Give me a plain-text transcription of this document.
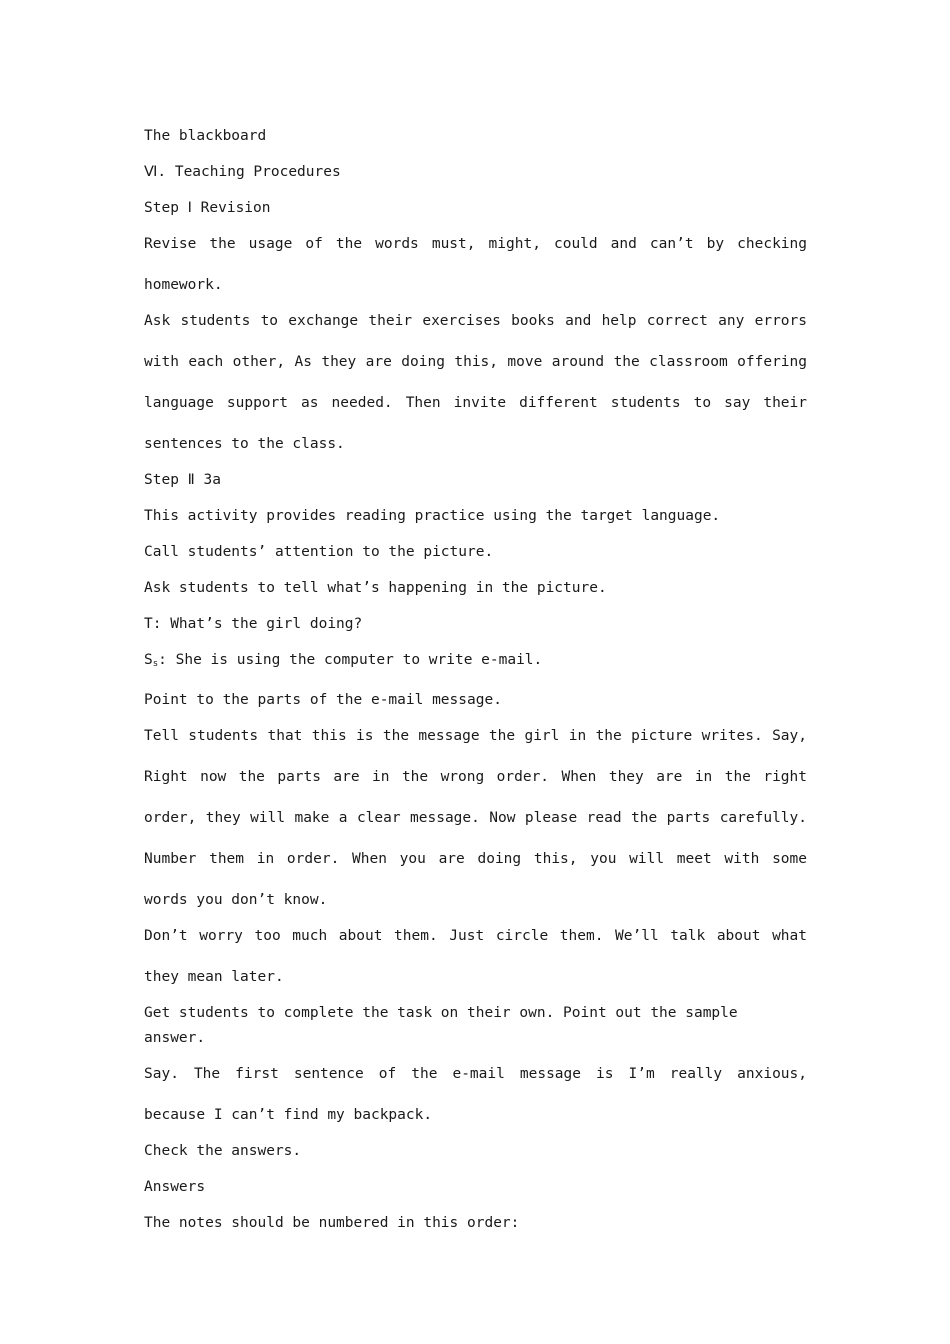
The blackboard

Ⅵ. Teaching Procedures

Step Ⅰ Revision

Revise the usage of the words must, might, could and can’t by checking homework.

Ask students to exchange their exercises books and help correct any errors with each other, As they are doing this, move around the classroom offering language support as needed. Then invite different students to say their sentences to the class.

Step Ⅱ 3a

This activity provides reading practice using the target language.

Call students’ attention to the picture.

Ask students to tell what’s happening in the picture.

T: What’s the girl doing?

$S_s$: She is using the computer to write e-mail.

Point to the parts of the e-mail message.

Tell students that this is the message the girl in the picture writes. Say, Right now the parts are in the wrong order. When they are in the right order, they will make a clear message. Now please read the parts carefully. Number them in order. When you are doing this, you will meet with some words you don’t know.

Don’t worry too much about them. Just circle them. We’ll talk about what they mean later.

Get students to complete the task on their own. Point out the sample answer.

Say. The first sentence of the e-mail message is I’m really anxious, because I can’t find my backpack.

Check the answers.

Answers

The notes should be numbered in this order:
